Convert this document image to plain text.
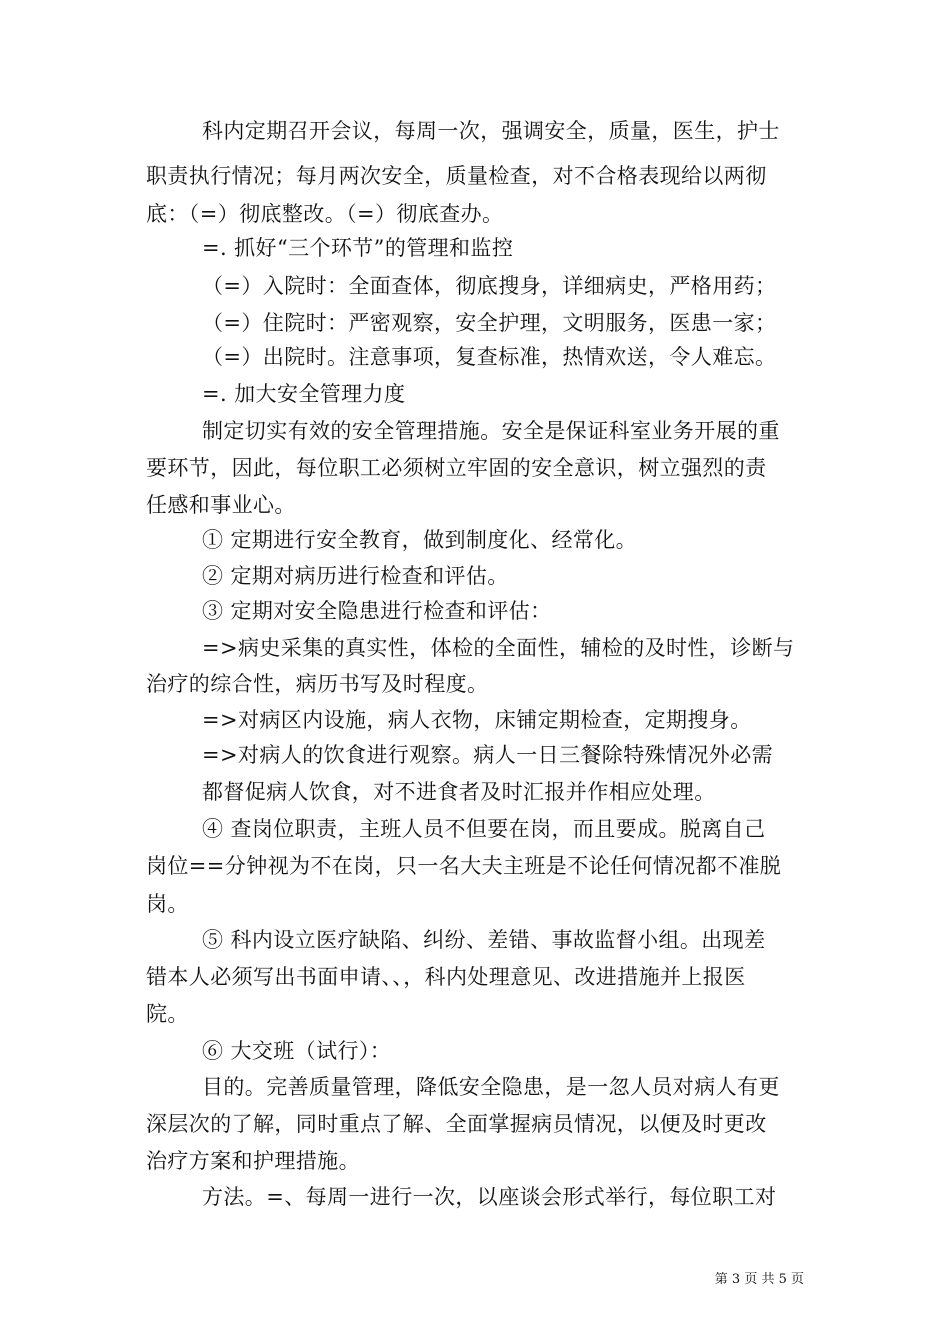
科内定期召开会议，每周一次，强调安全，质量，医生，护士
职责执行情况；每月两次安全，质量检查，对不合格表现给以两彻
底：（=）彻底整改。（=）彻底查办。
=. 抓好“三个环节”的管理和监控
（=）入院时：全面查体，彻底搜身，详细病史，严格用药；
（=）住院时：严密观察，安全护理，文明服务，医患一家；
（=）出院时。注意事项，复查标准，热情欢送，令人难忘。
=. 加大安全管理力度
制定切实有效的安全管理措施。安全是保证科室业务开展的重
要环节，因此，每位职工必须树立牢固的安全意识，树立强烈的责
任感和事业心。
① 定期进行安全教育，做到制度化、经常化。
② 定期对病历进行检查和评估。
③ 定期对安全隐患进行检查和评估：
=>病史采集的真实性，体检的全面性，辅检的及时性，诊断与
治疗的综合性，病历书写及时程度。
=>对病区内设施，病人衣物，床铺定期检查，定期搜身。
=>对病人的饮食进行观察。病人一日三餐除特殊情况外必需
都督促病人饮食，对不进食者及时汇报并作相应处理。
④ 查岗位职责，主班人员不但要在岗，而且要成。脱离自己
岗位==分钟视为不在岗，只一名大夫主班是不论任何情况都不准脱
岗。
⑤ 科内设立医疗缺陷、纠纷、差错、事故监督小组。出现差
错本人必须写出书面申请、、，科内处理意见、改进措施并上报医
院。
⑥ 大交班（试行）：
目的。完善质量管理，降低安全隐患，是一忽人员对病人有更
深层次的了解，同时重点了解、全面掌握病员情况，以便及时更改
治疗方案和护理措施。
方法。=、每周一进行一次，以座谈会形式举行，每位职工对
第 3 页 共 5 页
